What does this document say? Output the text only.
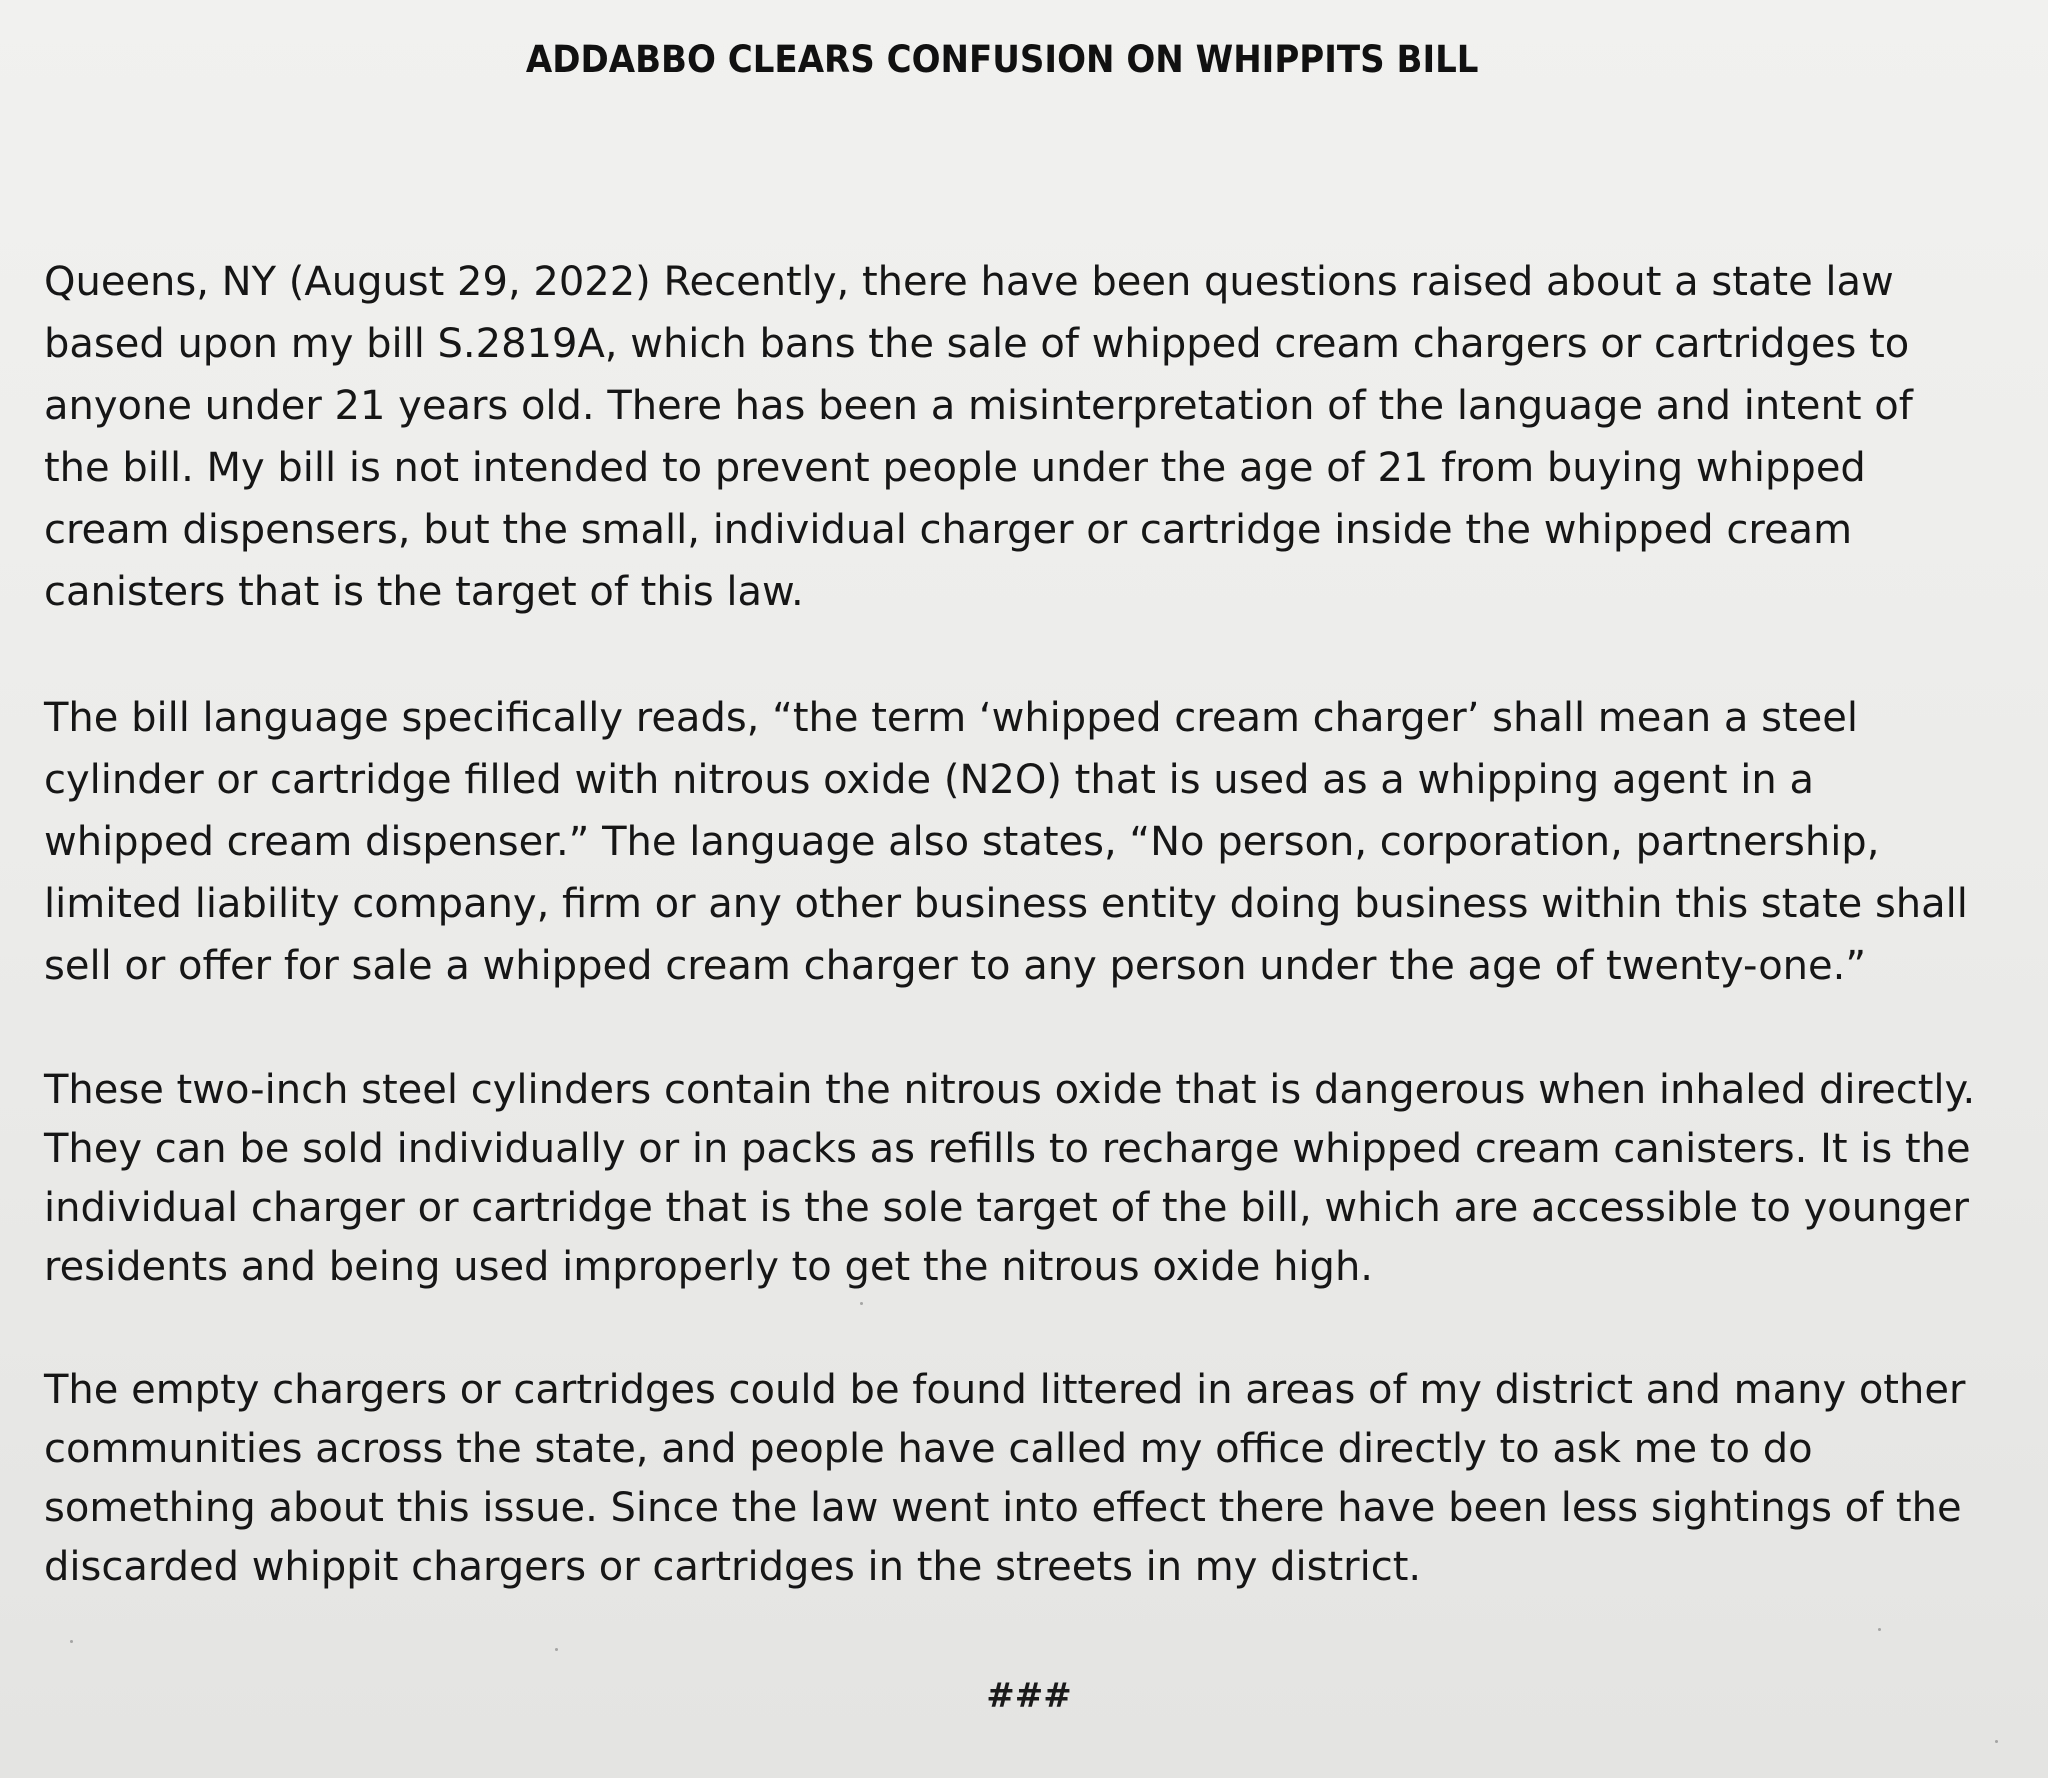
ADDABBO CLEARS CONFUSION ON WHIPPITS BILL

Queens, NY (August 29, 2022) Recently, there have been questions raised about a state law based upon my bill S.2819A, which bans the sale of whipped cream chargers or cartridges to anyone under 21 years old. There has been a misinterpretation of the language and intent of the bill. My bill is not intended to prevent people under the age of 21 from buying whipped cream dispensers, but the small, individual charger or cartridge inside the whipped cream canisters that is the target of this law.

The bill language specifically reads, “the term ‘whipped cream charger’ shall mean a steel cylinder or cartridge filled with nitrous oxide (N2O) that is used as a whipping agent in a whipped cream dispenser.” The language also states, “No person, corporation, partnership, limited liability company, firm or any other business entity doing business within this state shall sell or offer for sale a whipped cream charger to any person under the age of twenty-one.”

These two-inch steel cylinders contain the nitrous oxide that is dangerous when inhaled directly. They can be sold individually or in packs as refills to recharge whipped cream canisters. It is the individual charger or cartridge that is the sole target of the bill, which are accessible to younger residents and being used improperly to get the nitrous oxide high.

The empty chargers or cartridges could be found littered in areas of my district and many other communities across the state, and people have called my office directly to ask me to do something about this issue. Since the law went into effect there have been less sightings of the discarded whippit chargers or cartridges in the streets in my district.

###
